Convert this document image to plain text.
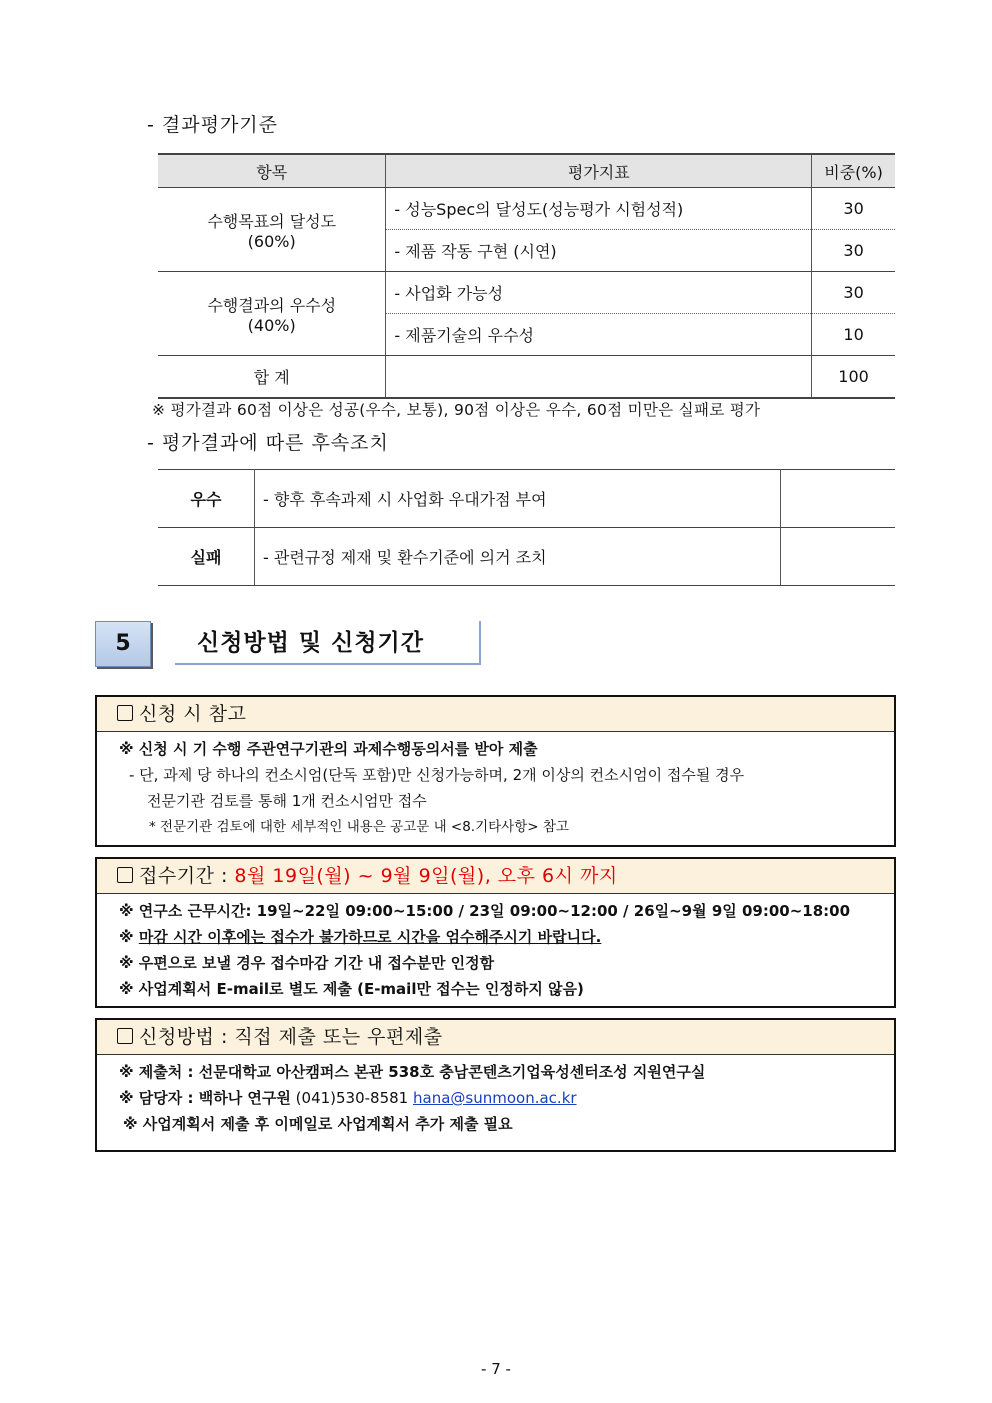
- 결과평가기준
항목	평가지표	비중(%)

수행목표의 달성도
(60%)	- 성능Spec의 달성도(성능평가 시험성적)	30
	- 제품 작동 구현 (시연)	30

수행결과의 우수성
(40%)	- 사업화 가능성	30
	- 제품기술의 우수성	10
합 계		100
※ 평가결과 60점 이상은 성공(우수, 보통), 90점 이상은 우수, 60점 미만은 실패로 평가
- 평가결과에 따른 후속조치
우수	- 향후 후속과제 시 사업화 우대가점 부여	
실패	- 관련규정 제재 및 환수기준에 의거 조치	
5	신청방법 및 신청기간
신청 시 참고
※ 신청 시 기 수행 주관연구기관의 과제수행동의서를 받아 제출
- 단, 과제 당 하나의 컨소시엄(단독 포함)만 신청가능하며, 2개 이상의 컨소시엄이 접수될 경우
전문기관 검토를 통해 1개 컨소시엄만 접수
* 전문기관 검토에 대한 세부적인 내용은 공고문 내 <8.기타사항> 참고
접수기간 : 8월 19일(월) ~ 9월 9일(월), 오후 6시 까지
※ 연구소 근무시간: 19일~22일 09:00~15:00 / 23일 09:00~12:00 / 26일~9월 9일 09:00~18:00
※ 마감 시간 이후에는 접수가 불가하므로 시간을 엄수해주시기 바랍니다.
※ 우편으로 보낼 경우 접수마감 기간 내 접수분만 인정함
※ 사업계획서 E-mail로 별도 제출 (E-mail만 접수는 인정하지 않음)
신청방법 : 직접 제출 또는 우편제출
※ 제출처 : 선문대학교 아산캠퍼스 본관 538호 충남콘텐츠기업육성센터조성 지원연구실
※ 담당자 : 백하나 연구원 (041)530-8581 hana@sunmoon.ac.kr
※ 사업계획서 제출 후 이메일로 사업계획서 추가 제출 필요
- 7 -
